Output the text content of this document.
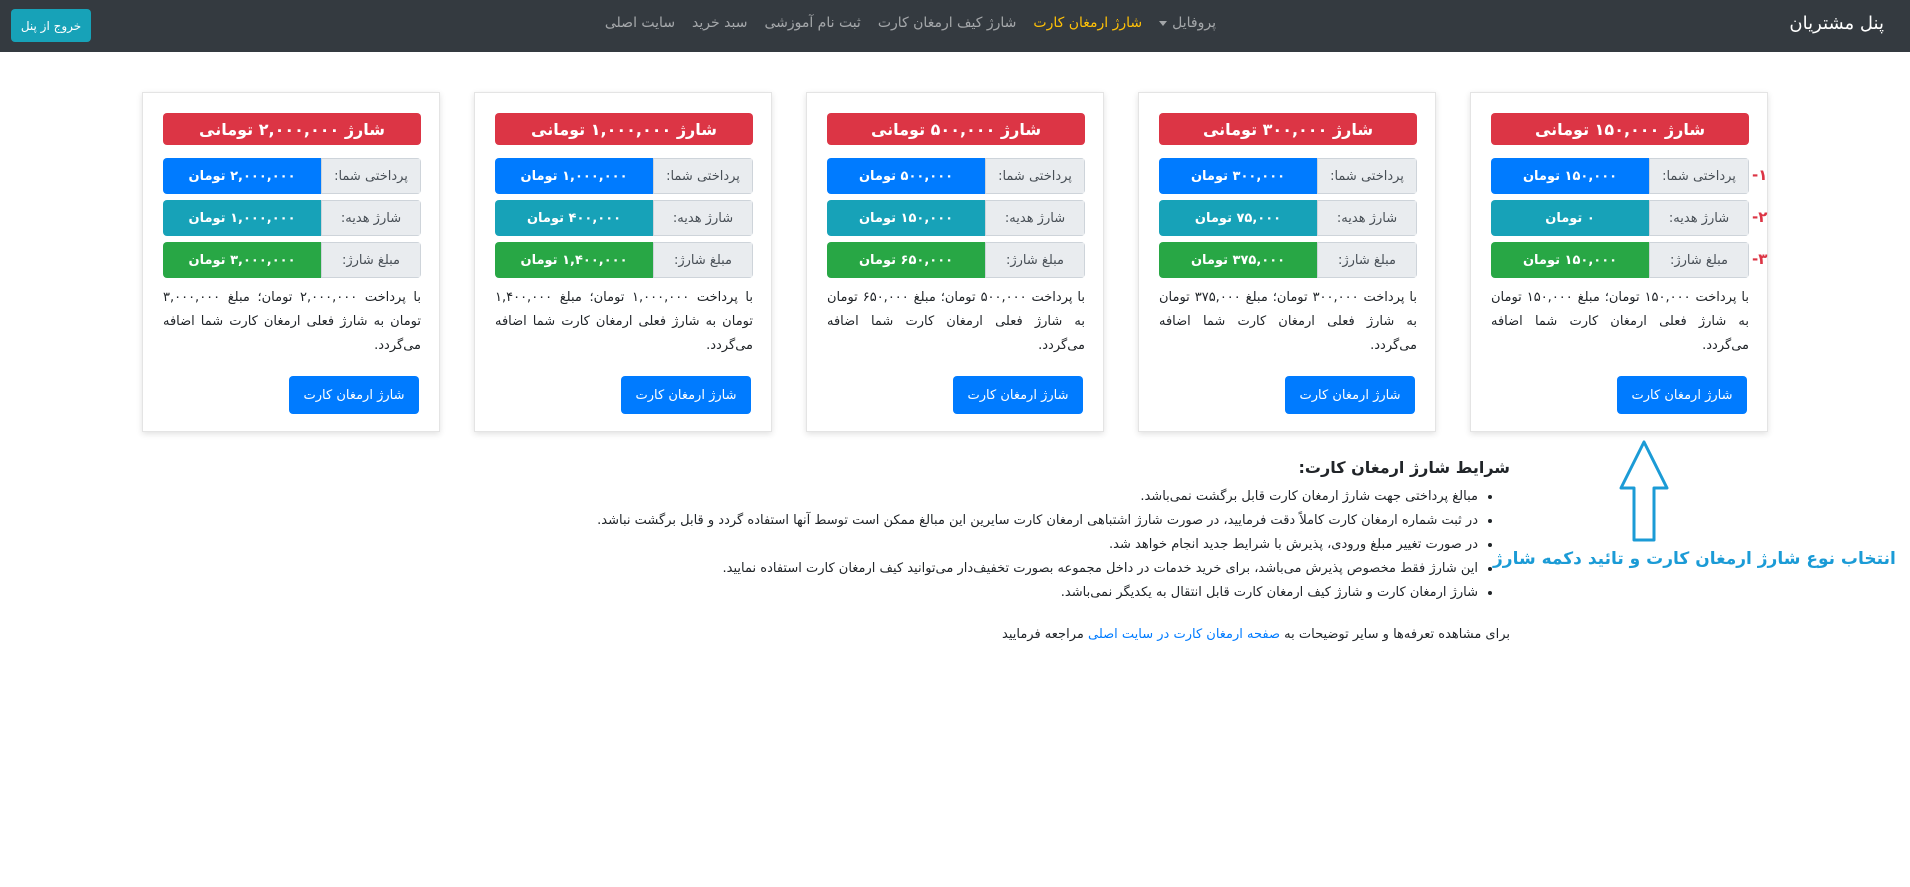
پنل مشتریان
پروفایل
شارژ ارمغان کارت
شارژ کیف ارمغان کارت
ثبت نام آموزشی
سبد خرید
سایت اصلی
خروج از پنل
شارژ ۱۵۰,۰۰۰ تومانی
پرداختی شما:
۱۵۰,۰۰۰ تومان
شارژ هدیه:
۰ تومان
مبلغ شارژ:
۱۵۰,۰۰۰ تومان
با پرداخت ۱۵۰,۰۰۰ تومان؛ مبلغ ۱۵۰,۰۰۰ تومان به شارژ فعلی ارمغان کارت شما اضافه می‌گردد.
شارژ ارمغان کارت
شارژ ۳۰۰,۰۰۰ تومانی
پرداختی شما:
۳۰۰,۰۰۰ تومان
شارژ هدیه:
۷۵,۰۰۰ تومان
مبلغ شارژ:
۳۷۵,۰۰۰ تومان
با پرداخت ۳۰۰,۰۰۰ تومان؛ مبلغ ۳۷۵,۰۰۰ تومان به شارژ فعلی ارمغان کارت شما اضافه می‌گردد.
شارژ ارمغان کارت
شارژ ۵۰۰,۰۰۰ تومانی
پرداختی شما:
۵۰۰,۰۰۰ تومان
شارژ هدیه:
۱۵۰,۰۰۰ تومان
مبلغ شارژ:
۶۵۰,۰۰۰ تومان
با پرداخت ۵۰۰,۰۰۰ تومان؛ مبلغ ۶۵۰,۰۰۰ تومان به شارژ فعلی ارمغان کارت شما اضافه می‌گردد.
شارژ ارمغان کارت
شارژ ۱,۰۰۰,۰۰۰ تومانی
پرداختی شما:
۱,۰۰۰,۰۰۰ تومان
شارژ هدیه:
۴۰۰,۰۰۰ تومان
مبلغ شارژ:
۱,۴۰۰,۰۰۰ تومان
با پرداخت ۱,۰۰۰,۰۰۰ تومان؛ مبلغ ۱,۴۰۰,۰۰۰ تومان به شارژ فعلی ارمغان کارت شما اضافه می‌گردد.
شارژ ارمغان کارت
شارژ ۲,۰۰۰,۰۰۰ تومانی
پرداختی شما:
۲,۰۰۰,۰۰۰ تومان
شارژ هدیه:
۱,۰۰۰,۰۰۰ تومان
مبلغ شارژ:
۳,۰۰۰,۰۰۰ تومان
با پرداخت ۲,۰۰۰,۰۰۰ تومان؛ مبلغ ۳,۰۰۰,۰۰۰ تومان به شارژ فعلی ارمغان کارت شما اضافه می‌گردد.
شارژ ارمغان کارت
-۱
-۲
-۳
انتخاب نوع شارژ ارمغان کارت و تائید دکمه شارژ
شرایط شارژ ارمغان کارت:
• مبالغ پرداختی جهت شارژ ارمغان کارت قابل برگشت نمی‌باشد.
• در ثبت شماره ارمغان کارت کاملاً دقت فرمایید، در صورت شارژ اشتباهی ارمغان کارت سایرین این مبالغ ممکن است توسط آنها استفاده گردد و قابل برگشت نباشد.
• در صورت تغییر مبلغ ورودی، پذیرش با شرایط جدید انجام خواهد شد.
• این شارژ فقط مخصوص پذیرش می‌باشد، برای خرید خدمات در داخل مجموعه بصورت تخفیف‌دار می‌توانید کیف ارمغان کارت استفاده نمایید.
• شارژ ارمغان کارت و شارژ کیف ارمغان کارت قابل انتقال به یکدیگر نمی‌باشد.
برای مشاهده تعرفه‌ها و سایر توضیحات به صفحه ارمغان کارت در سایت اصلی مراجعه فرمایید
